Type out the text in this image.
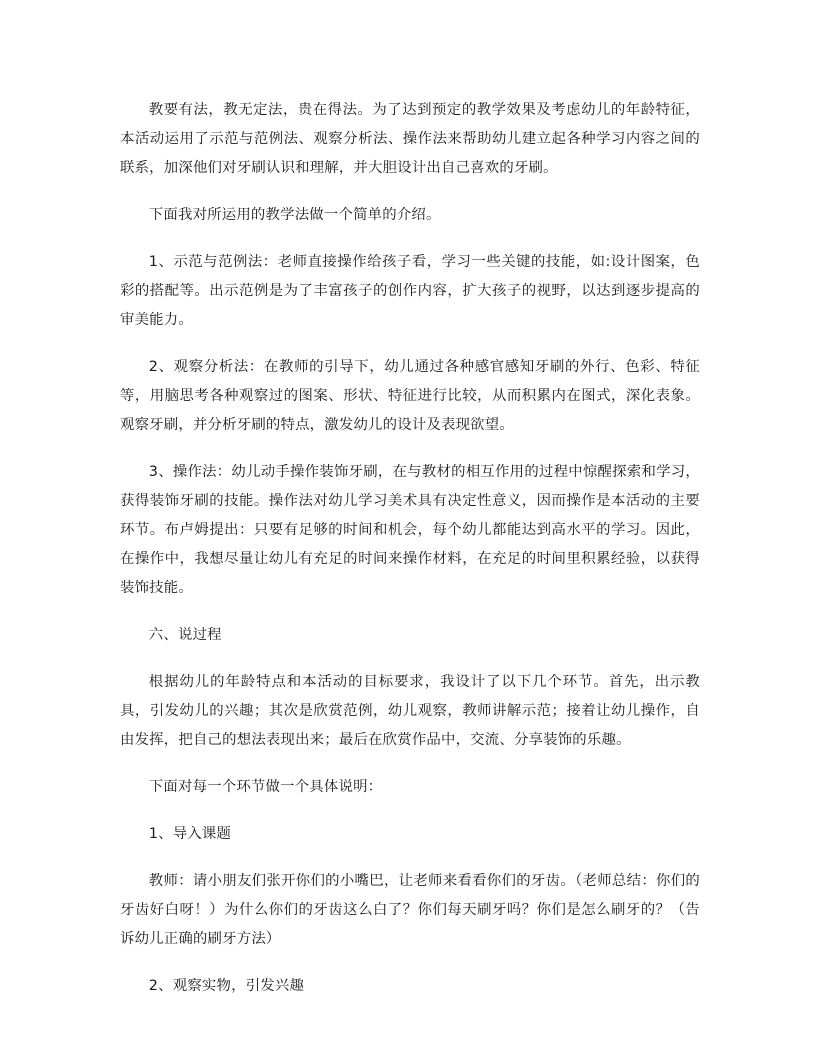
教要有法，教无定法，贵在得法。为了达到预定的教学效果及考虑幼儿的年龄特征，本活动运用了示范与范例法、观察分析法、操作法来帮助幼儿建立起各种学习内容之间的联系，加深他们对牙刷认识和理解，并大胆设计出自己喜欢的牙刷。

下面我对所运用的教学法做一个简单的介绍。

1、示范与范例法：老师直接操作给孩子看，学习一些关键的技能，如:设计图案，色彩的搭配等。出示范例是为了丰富孩子的创作内容，扩大孩子的视野，以达到逐步提高的审美能力。

2、观察分析法：在教师的引导下，幼儿通过各种感官感知牙刷的外行、色彩、特征等，用脑思考各种观察过的图案、形状、特征进行比较，从而积累内在图式，深化表象。观察牙刷，并分析牙刷的特点，激发幼儿的设计及表现欲望。

3、操作法：幼儿动手操作装饰牙刷，在与教材的相互作用的过程中惊醒探索和学习，获得装饰牙刷的技能。操作法对幼儿学习美术具有决定性意义，因而操作是本活动的主要环节。布卢姆提出：只要有足够的时间和机会，每个幼儿都能达到高水平的学习。因此，在操作中，我想尽量让幼儿有充足的时间来操作材料，在充足的时间里积累经验，以获得装饰技能。

六、说过程

根据幼儿的年龄特点和本活动的目标要求，我设计了以下几个环节。首先，出示教具，引发幼儿的兴趣；其次是欣赏范例，幼儿观察，教师讲解示范；接着让幼儿操作，自由发挥，把自己的想法表现出来；最后在欣赏作品中，交流、分享装饰的乐趣。

下面对每一个环节做一个具体说明：

1、导入课题

教师：请小朋友们张开你们的小嘴巴，让老师来看看你们的牙齿。（老师总结：你们的牙齿好白呀！）为什么你们的牙齿这么白了？你们每天刷牙吗？你们是怎么刷牙的？（告诉幼儿正确的刷牙方法）

2、观察实物，引发兴趣
